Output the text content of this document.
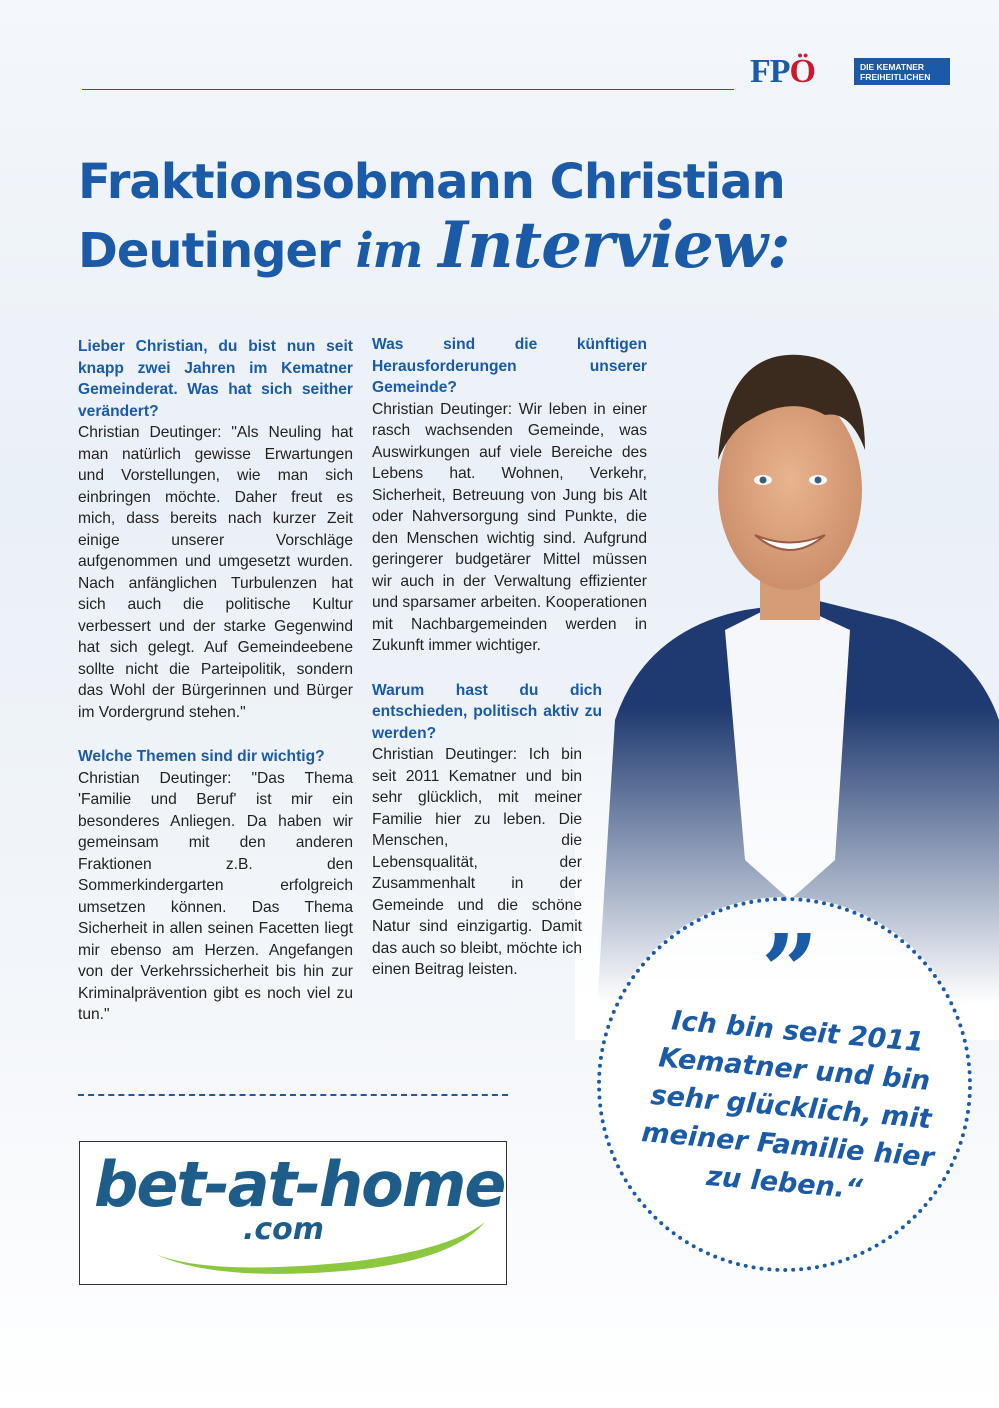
FPÖ	DIE KEMATNER
FREIHEITLICHEN
Fraktionsobmann Christian
Deutinger im Interview:

Lieber Christian, du bist nun seit knapp zwei Jahren im Kematner Gemeinderat. Was hat sich seither verändert?
Christian Deutinger: "Als Neuling hat man natürlich gewisse Erwartungen und Vorstellungen, wie man sich einbringen möchte. Daher freut es mich, dass bereits nach kurzer Zeit einige unserer Vorschläge aufgenommen und umgesetzt wurden. Nach anfänglichen Turbulenzen hat sich auch die politische Kultur verbessert und der starke Gegenwind hat sich gelegt. Auf Gemeindeebene sollte nicht die Parteipolitik, sondern das Wohl der Bürgerinnen und Bürger im Vordergrund stehen."

Welche Themen sind dir wichtig?
Christian Deutinger: "Das Thema 'Familie und Beruf' ist mir ein besonderes Anliegen. Da haben wir gemeinsam mit den anderen Fraktionen z.B. den Sommerkindergarten erfolgreich umsetzen können. Das Thema Sicherheit in allen seinen Facetten liegt mir ebenso am Herzen. Angefangen von der Verkehrssicherheit bis hin zur Kriminalprävention gibt es noch viel zu tun."

Was sind die künftigen Herausforderungen unserer Gemeinde?
Christian Deutinger: Wir leben in einer rasch wachsenden Gemeinde, was Auswirkungen auf viele Bereiche des Lebens hat. Wohnen, Verkehr, Sicherheit, Betreuung von Jung bis Alt oder Nahversorgung sind Punkte, die den Menschen wichtig sind. Aufgrund geringerer budgetärer Mittel müssen wir auch in der Verwaltung effizienter und sparsamer arbeiten. Kooperationen mit Nachbargemeinden werden in Zukunft immer wichtiger.

Warum hast du dich entschieden, politisch aktiv zu werden?
Christian Deutinger: Ich bin seit 2011 Kematner und bin sehr glücklich, mit meiner Familie hier zu leben. Die Menschen, die Lebensqualität, der Zusammenhalt in der Gemeinde und die schöne Natur sind einzigartig. Damit das auch so bleibt, möchte ich einen Beitrag leisten.

bet-at-home
.com
”
Ich bin seit 2011 Kematner und bin sehr glücklich, mit meiner Familie hier zu leben.“
